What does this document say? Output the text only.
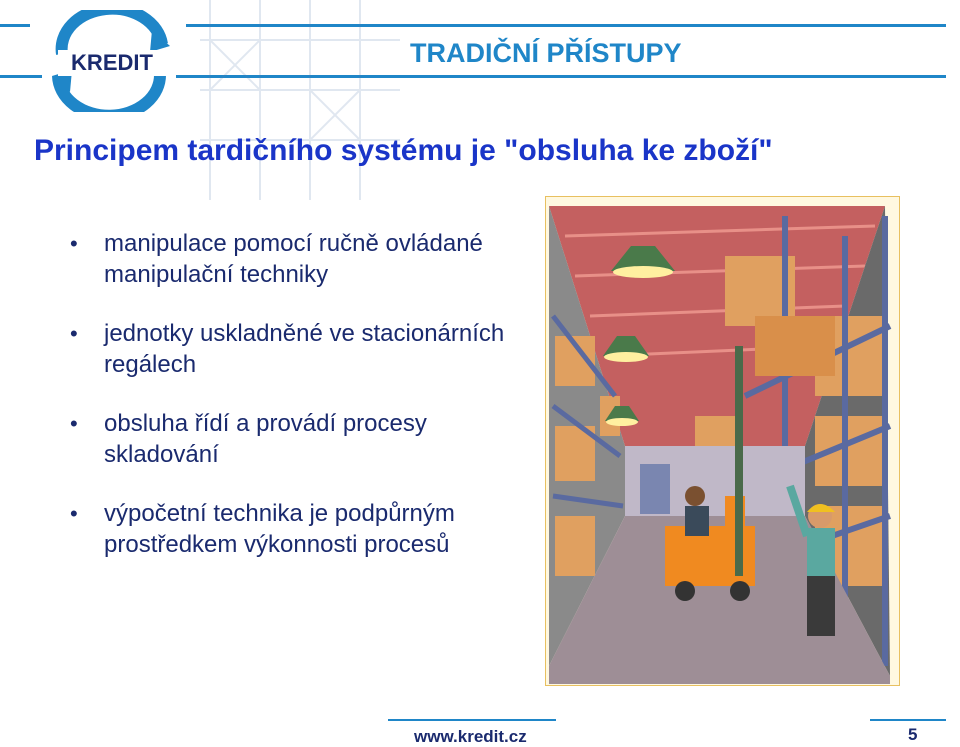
KREDIT	TRADIČNÍ PŘÍSTUPY
Principem tardičního systému je "obsluha ke zboží"
• manipulace pomocí ručně ovládané manipulační techniky
• jednotky uskladněné ve stacionárních regálech
• obsluha řídí a provádí procesy skladování
• výpočetní technika je podpůrným prostředkem výkonnosti procesů
www.kredit.cz	5
